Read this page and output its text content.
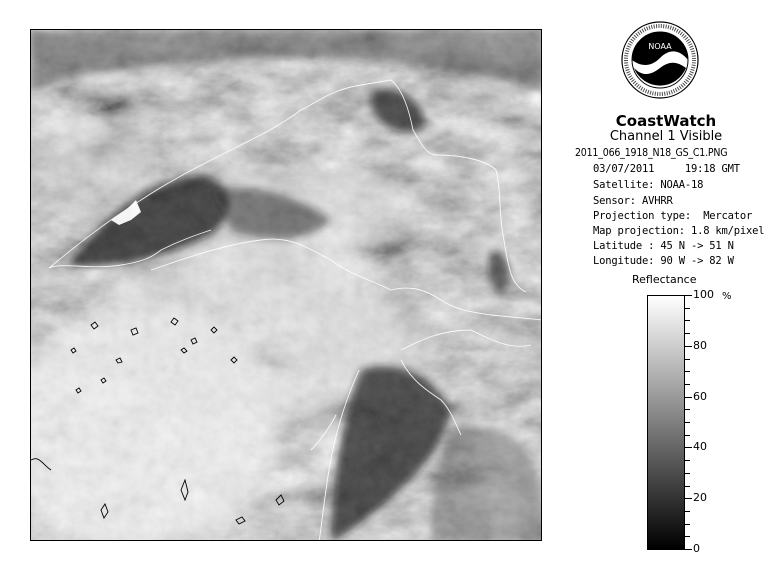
NOAA
CoastWatch
Channel 1 Visible
2011_066_1918_N18_GS_C1.PNG
03/07/2011     19:18 GMT
Satellite: NOAA-18
Sensor: AVHRR
Projection type:  Mercator
Map projection: 1.8 km/pixel
Latitude : 45 N -> 51 N
Longitude: 90 W -> 82 W
Reflectance
%
100
80
60
40
20
0
